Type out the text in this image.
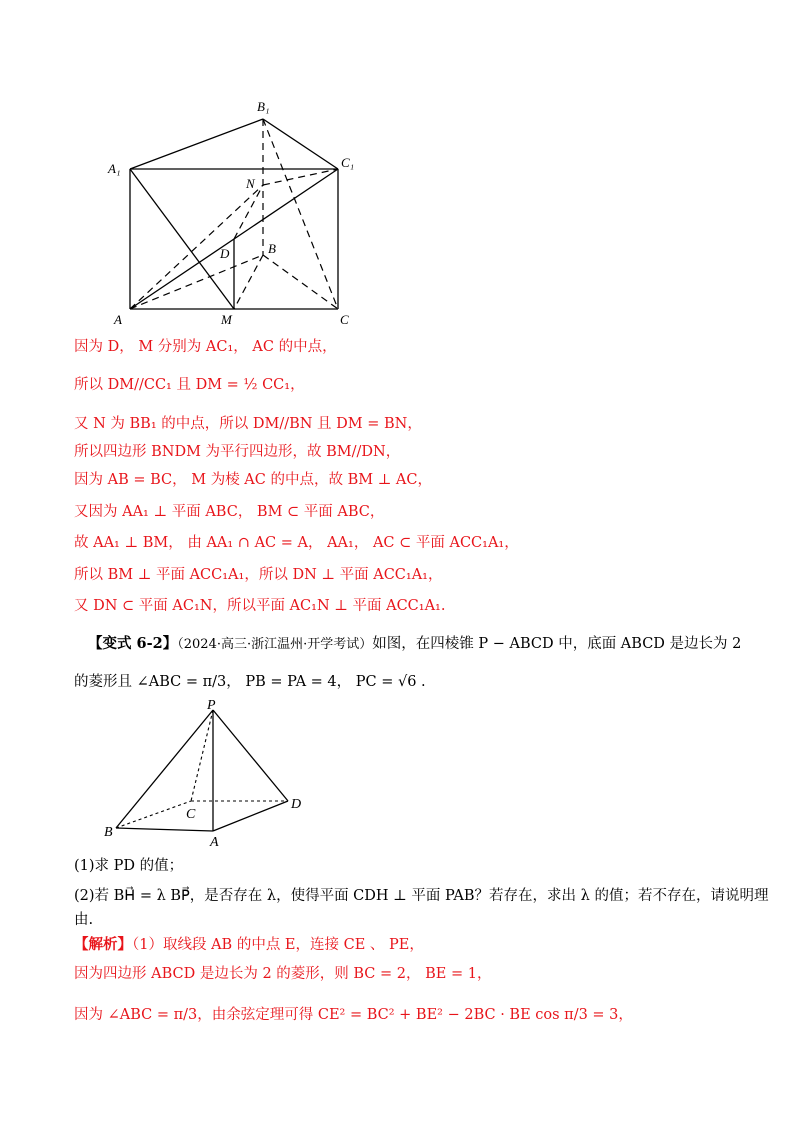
B₁
A₁	C₁
N
D	B
A	M	C
因为 D， M 分别为 AC₁， AC 的中点，
所以 DM//CC₁ 且 DM = ½ CC₁，
又 N 为 BB₁ 的中点，所以 DM//BN 且 DM = BN，
所以四边形 BNDM 为平行四边形，故 BM//DN，
因为 AB = BC， M 为棱 AC 的中点，故 BM ⊥ AC，
又因为 AA₁ ⊥ 平面 ABC， BM ⊂ 平面 ABC，
故 AA₁ ⊥ BM， 由 AA₁ ∩ AC = A， AA₁， AC ⊂ 平面 ACC₁A₁，
所以 BM ⊥ 平面 ACC₁A₁，所以 DN ⊥ 平面 ACC₁A₁，
又 DN ⊂ 平面 AC₁N，所以平面 AC₁N ⊥ 平面 ACC₁A₁.
【变式 6-2】（2024·高三·浙江温州·开学考试）如图，在四棱锥 P − ABCD 中，底面 ABCD 是边长为 2
的菱形且 ∠ABC = π/3， PB = PA = 4， PC = √6 .
P
B
C
D
A
(1)求 PD 的值；
(2)若 BH⃗ = λ BP⃗，是否存在 λ，使得平面 CDH ⊥ 平面 PAB？若存在，求出 λ 的值；若不存在，请说明理
由.
【解析】（1）取线段 AB 的中点 E，连接 CE 、 PE，
因为四边形 ABCD 是边长为 2 的菱形，则 BC = 2， BE = 1，
因为 ∠ABC = π/3，由余弦定理可得 CE² = BC² + BE² − 2BC · BE cos π/3 = 3，
